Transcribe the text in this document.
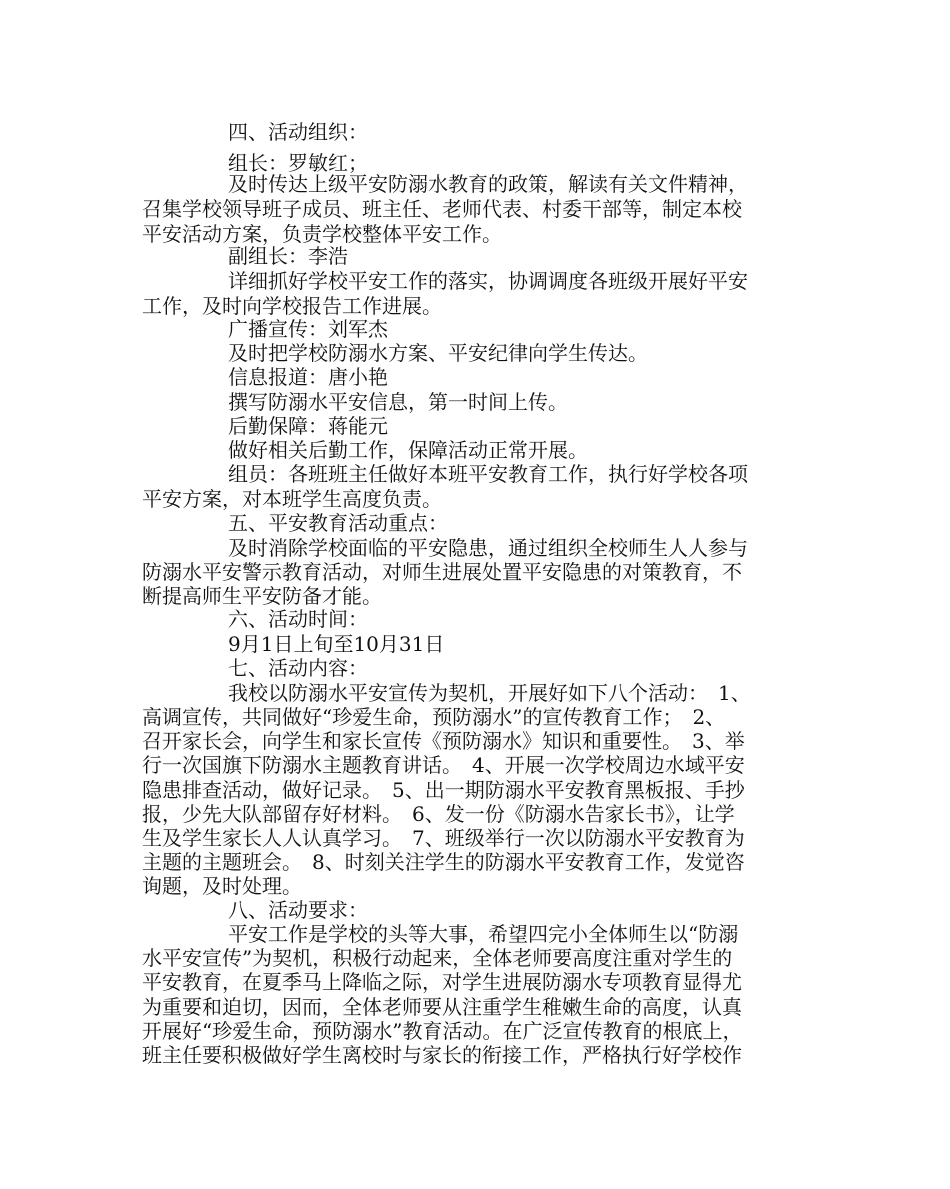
四、活动组织：
组长：罗敏红；
及时传达上级平安防溺水教育的政策，解读有关文件精神，
召集学校领导班子成员、班主任、老师代表、村委干部等，制定本校
平安活动方案，负责学校整体平安工作。
副组长：李浩
详细抓好学校平安工作的落实，协调调度各班级开展好平安
工作，及时向学校报告工作进展。
广播宣传：刘军杰
及时把学校防溺水方案、平安纪律向学生传达。
信息报道：唐小艳
撰写防溺水平安信息，第一时间上传。
后勤保障：蒋能元
做好相关后勤工作，保障活动正常开展。
组员：各班班主任做好本班平安教育工作，执行好学校各项
平安方案，对本班学生高度负责。
五、平安教育活动重点：
及时消除学校面临的平安隐患，通过组织全校师生人人参与
防溺水平安警示教育活动，对师生进展处置平安隐患的对策教育，不
断提高师生平安防备才能。
六、活动时间：
9月1日上旬至10月31日
七、活动内容：
我校以防溺水平安宣传为契机，开展好如下八个活动：　1、
高调宣传，共同做好“珍爱生命，预防溺水”的宣传教育工作；　2、
召开家长会，向学生和家长宣传《预防溺水》知识和重要性。　3、举
行一次国旗下防溺水主题教育讲话。　4、开展一次学校周边水域平安
隐患排查活动，做好记录。　5、出一期防溺水平安教育黑板报、手抄
报，少先大队部留存好材料。　6、发一份《防溺水告家长书》，让学
生及学生家长人人认真学习。　7、班级举行一次以防溺水平安教育为
主题的主题班会。　8、时刻关注学生的防溺水平安教育工作，发觉咨
询题，及时处理。
八、活动要求：
平安工作是学校的头等大事，希望四完小全体师生以“防溺
水平安宣传”为契机，积极行动起来，全体老师要高度注重对学生的
平安教育，在夏季马上降临之际，对学生进展防溺水专项教育显得尤
为重要和迫切，因而，全体老师要从注重学生稚嫩生命的高度，认真
开展好“珍爱生命，预防溺水”教育活动。在广泛宣传教育的根底上，
班主任要积极做好学生离校时与家长的衔接工作，严格执行好学校作
